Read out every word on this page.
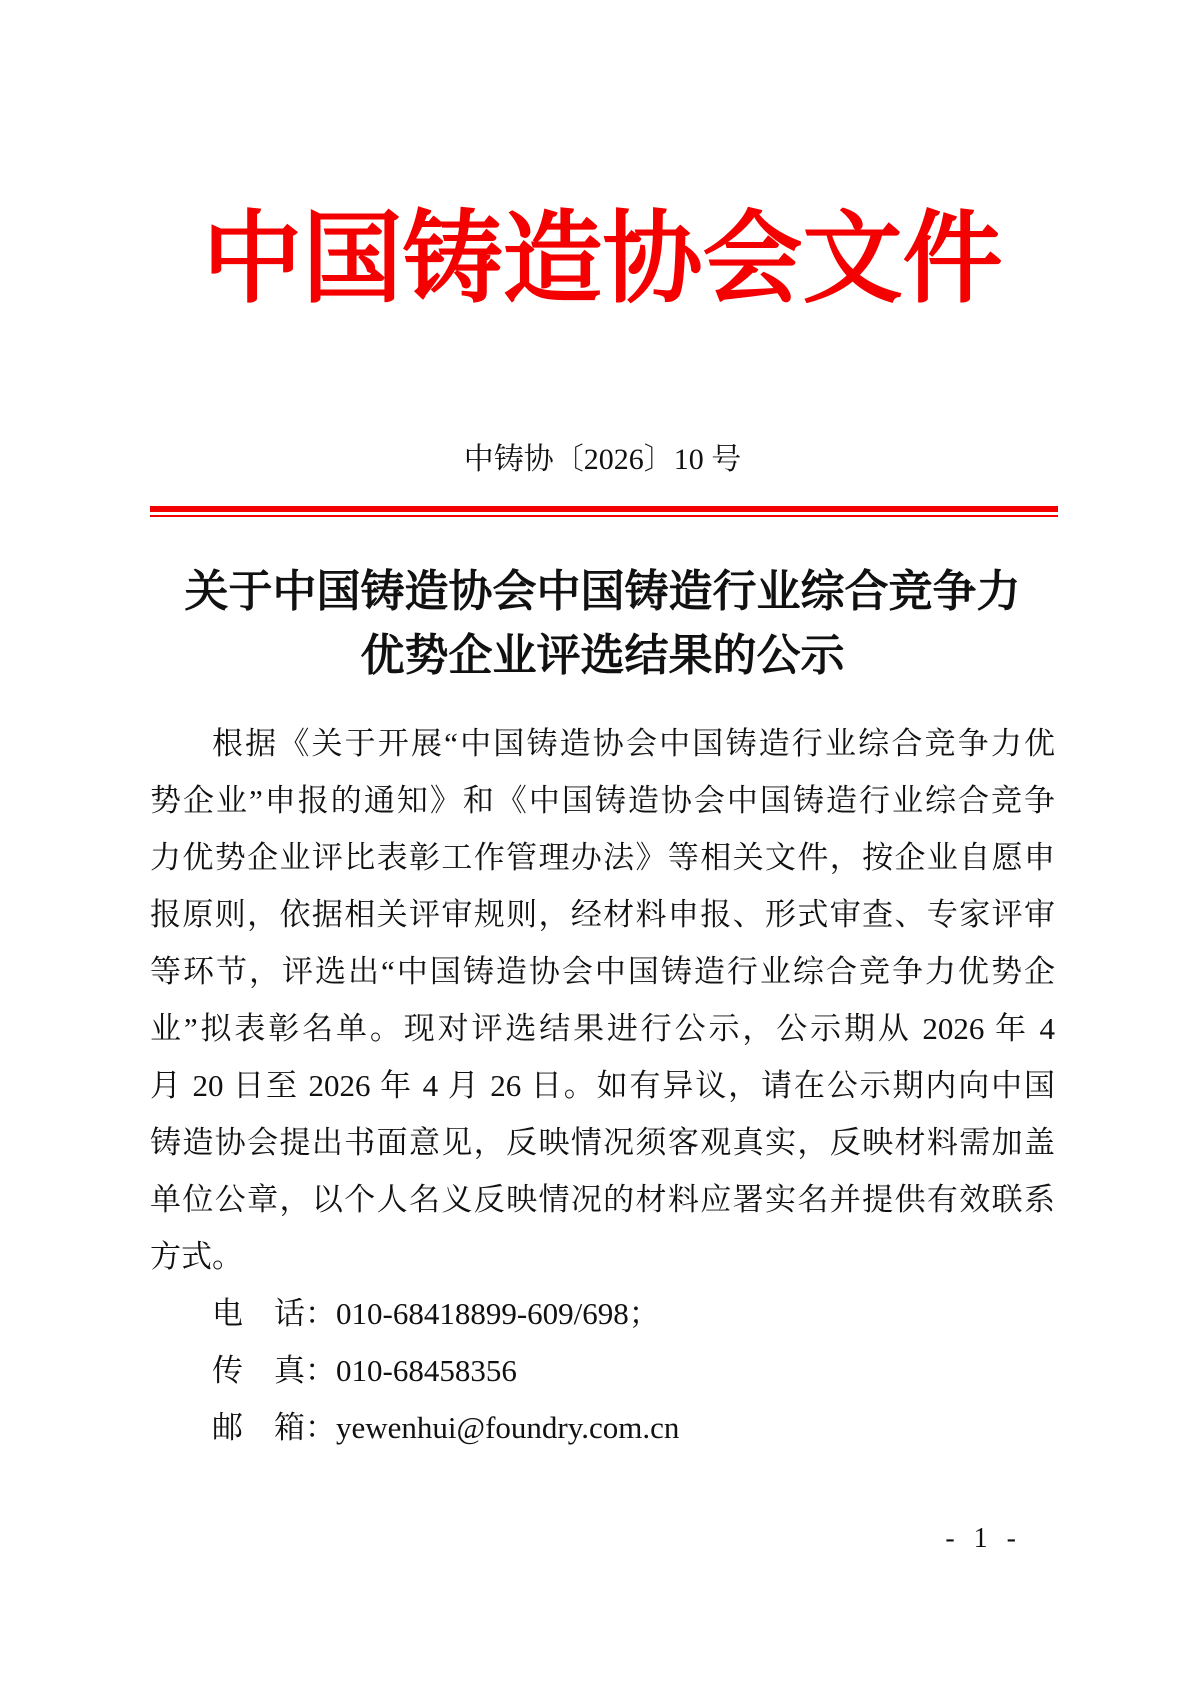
中国铸造协会文件
中铸协〔2026〕10 号
关于中国铸造协会中国铸造行业综合竞争力
优势企业评选结果的公示
根据《关于开展“中国铸造协会中国铸造行业综合竞争力优
势企业”申报的通知》和《中国铸造协会中国铸造行业综合竞争
力优势企业评比表彰工作管理办法》等相关文件，按企业自愿申
报原则，依据相关评审规则，经材料申报、形式审查、专家评审
等环节，评选出“中国铸造协会中国铸造行业综合竞争力优势企
业”拟表彰名单。现对评选结果进行公示，公示期从 2026 年 4
月 20 日至 2026 年 4 月 26 日。如有异议，请在公示期内向中国
铸造协会提出书面意见，反映情况须客观真实，反映材料需加盖
单位公章，以个人名义反映情况的材料应署实名并提供有效联系
方式。
电　话：010-68418899-609/698；
传　真：010-68458356
邮　箱：yewenhui@foundry.com.cn
- 1 -
